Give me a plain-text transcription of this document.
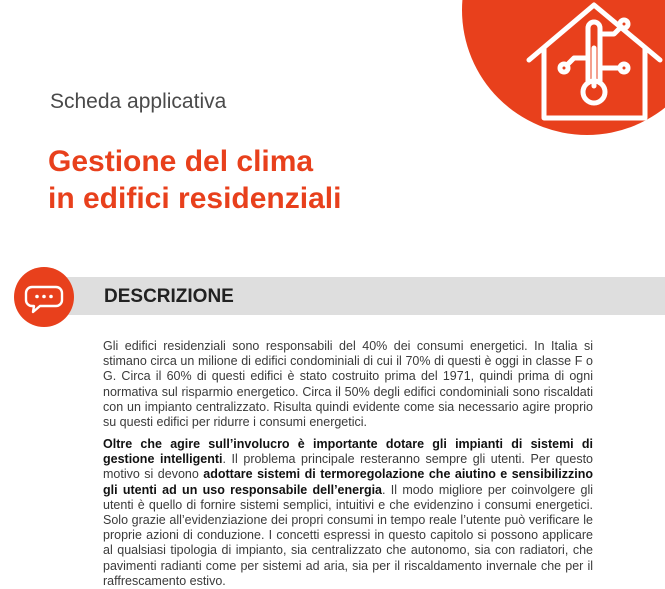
Scheda applicativa
Gestione del clima
in edifici residenziali
DESCRIZIONE

Gli edifici residenziali sono responsabili del 40% dei consumi energetici. In Italia si stimano circa un milione di edifici condominiali di cui il 70% di questi è oggi in classe F o G. Circa il 60% di questi edifici è stato costruito prima del 1971, quindi prima di ogni normativa sul risparmio energetico. Circa il 50% degli edifici condominiali sono riscaldati con un impianto centralizzato. Risulta quindi evidente come sia necessario agire proprio su questi edifici per ridurre i consumi energetici.

Oltre che agire sull’involucro è importante dotare gli impianti di sistemi di gestione intelligenti. Il problema principale resteranno sempre gli utenti. Per questo motivo si devono adottare sistemi di termoregolazione che aiutino e sensibilizzino gli utenti ad un uso responsabile dell’energia. Il modo migliore per coinvolgere gli utenti è quello di fornire sistemi semplici, intuitivi e che evidenzino i consumi energetici. Solo grazie all’evidenziazione dei propri consumi in tempo reale l’utente può verificare le proprie azioni di conduzione. I concetti espressi in questo capitolo si possono applicare al qualsiasi tipologia di impianto, sia centralizzato che autonomo, sia con radiatori, che pavimenti radianti come per sistemi ad aria, sia per il riscaldamento invernale che per il raffrescamento estivo.
